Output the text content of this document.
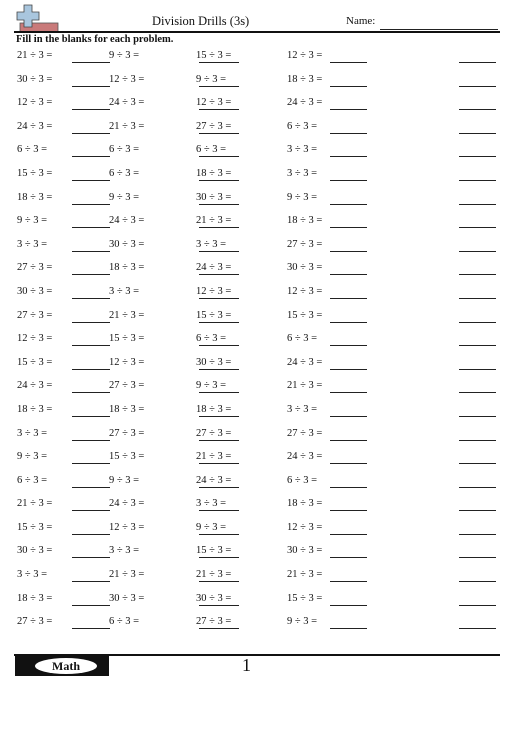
Division Drills (3s)	Name:
Fill in the blanks for each problem.
21 ÷ 3 =	9 ÷ 3 =	15 ÷ 3 =	12 ÷ 3 =
30 ÷ 3 =	12 ÷ 3 =	9 ÷ 3 =	18 ÷ 3 =
12 ÷ 3 =	24 ÷ 3 =	12 ÷ 3 =	24 ÷ 3 =
24 ÷ 3 =	21 ÷ 3 =	27 ÷ 3 =	6 ÷ 3 =
6 ÷ 3 =	6 ÷ 3 =	6 ÷ 3 =	3 ÷ 3 =
15 ÷ 3 =	6 ÷ 3 =	18 ÷ 3 =	3 ÷ 3 =
18 ÷ 3 =	9 ÷ 3 =	30 ÷ 3 =	9 ÷ 3 =
9 ÷ 3 =	24 ÷ 3 =	21 ÷ 3 =	18 ÷ 3 =
3 ÷ 3 =	30 ÷ 3 =	3 ÷ 3 =	27 ÷ 3 =
27 ÷ 3 =	18 ÷ 3 =	24 ÷ 3 =	30 ÷ 3 =
30 ÷ 3 =	3 ÷ 3 =	12 ÷ 3 =	12 ÷ 3 =
27 ÷ 3 =	21 ÷ 3 =	15 ÷ 3 =	15 ÷ 3 =
12 ÷ 3 =	15 ÷ 3 =	6 ÷ 3 =	6 ÷ 3 =
15 ÷ 3 =	12 ÷ 3 =	30 ÷ 3 =	24 ÷ 3 =
24 ÷ 3 =	27 ÷ 3 =	9 ÷ 3 =	21 ÷ 3 =
18 ÷ 3 =	18 ÷ 3 =	18 ÷ 3 =	3 ÷ 3 =
3 ÷ 3 =	27 ÷ 3 =	27 ÷ 3 =	27 ÷ 3 =
9 ÷ 3 =	15 ÷ 3 =	21 ÷ 3 =	24 ÷ 3 =
6 ÷ 3 =	9 ÷ 3 =	24 ÷ 3 =	6 ÷ 3 =
21 ÷ 3 =	24 ÷ 3 =	3 ÷ 3 =	18 ÷ 3 =
15 ÷ 3 =	12 ÷ 3 =	9 ÷ 3 =	12 ÷ 3 =
30 ÷ 3 =	3 ÷ 3 =	15 ÷ 3 =	30 ÷ 3 =
3 ÷ 3 =	21 ÷ 3 =	21 ÷ 3 =	21 ÷ 3 =
18 ÷ 3 =	30 ÷ 3 =	30 ÷ 3 =	15 ÷ 3 =
27 ÷ 3 =	6 ÷ 3 =	27 ÷ 3 =	9 ÷ 3 =
Math	1
